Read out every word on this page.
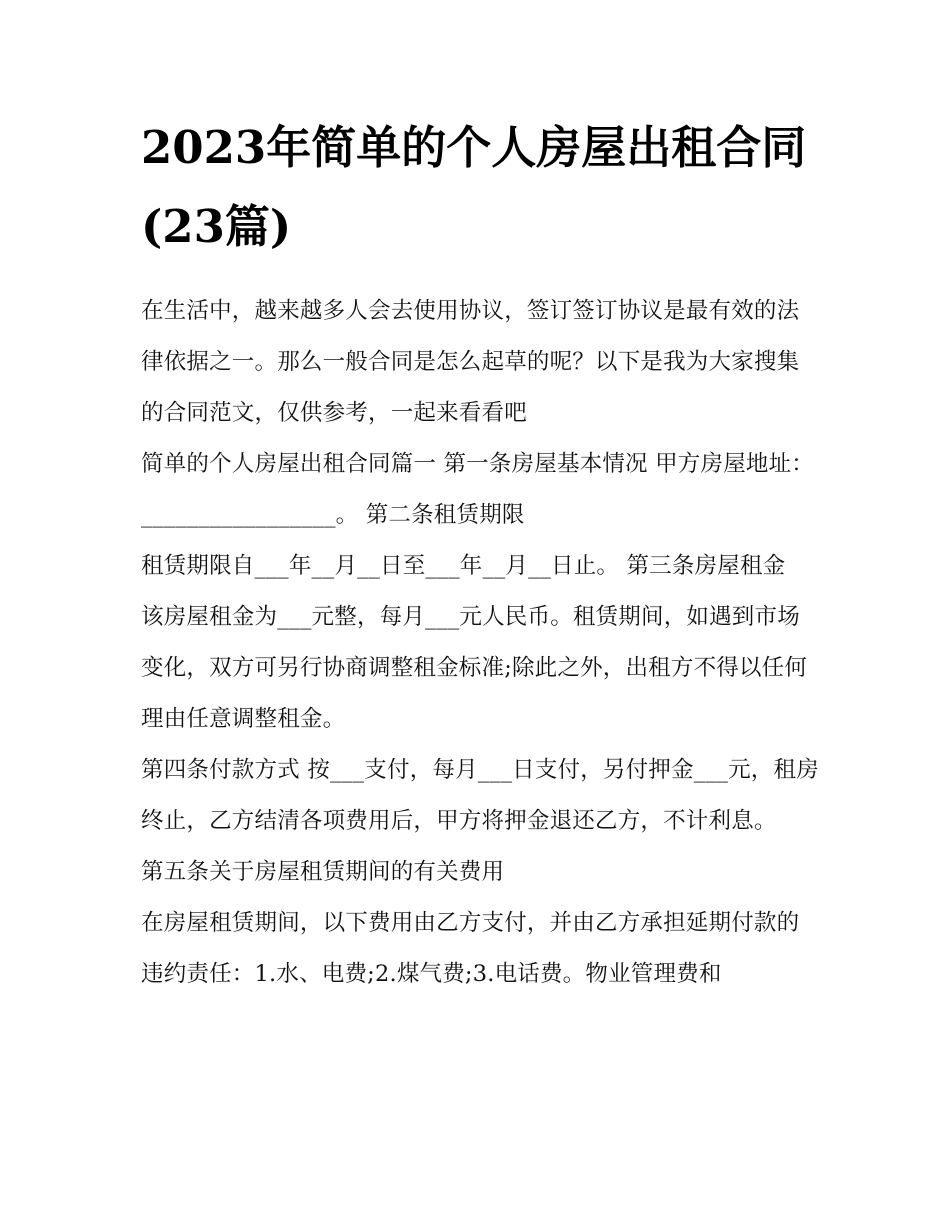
2023年简单的个人房屋出租合同(23篇)

在生活中，越来越多人会去使用协议，签订签订协议是最有效的法律依据之一。那么一般合同是怎么起草的呢？以下是我为大家搜集的合同范文，仅供参考，一起来看看吧

简单的个人房屋出租合同篇一 第一条房屋基本情况 甲方房屋地址：_________________。 第二条租赁期限

租赁期限自___年__月__日至___年__月__日止。 第三条房屋租金

该房屋租金为___元整，每月___元人民币。租赁期间，如遇到市场变化，双方可另行协商调整租金标准;除此之外，出租方不得以任何理由任意调整租金。

第四条付款方式 按___支付，每月___日支付，另付押金___元，租房终止，乙方结清各项费用后，甲方将押金退还乙方，不计利息。

第五条关于房屋租赁期间的有关费用

在房屋租赁期间，以下费用由乙方支付，并由乙方承担延期付款的违约责任：1.水、电费;2.煤气费;3.电话费。物业管理费和
